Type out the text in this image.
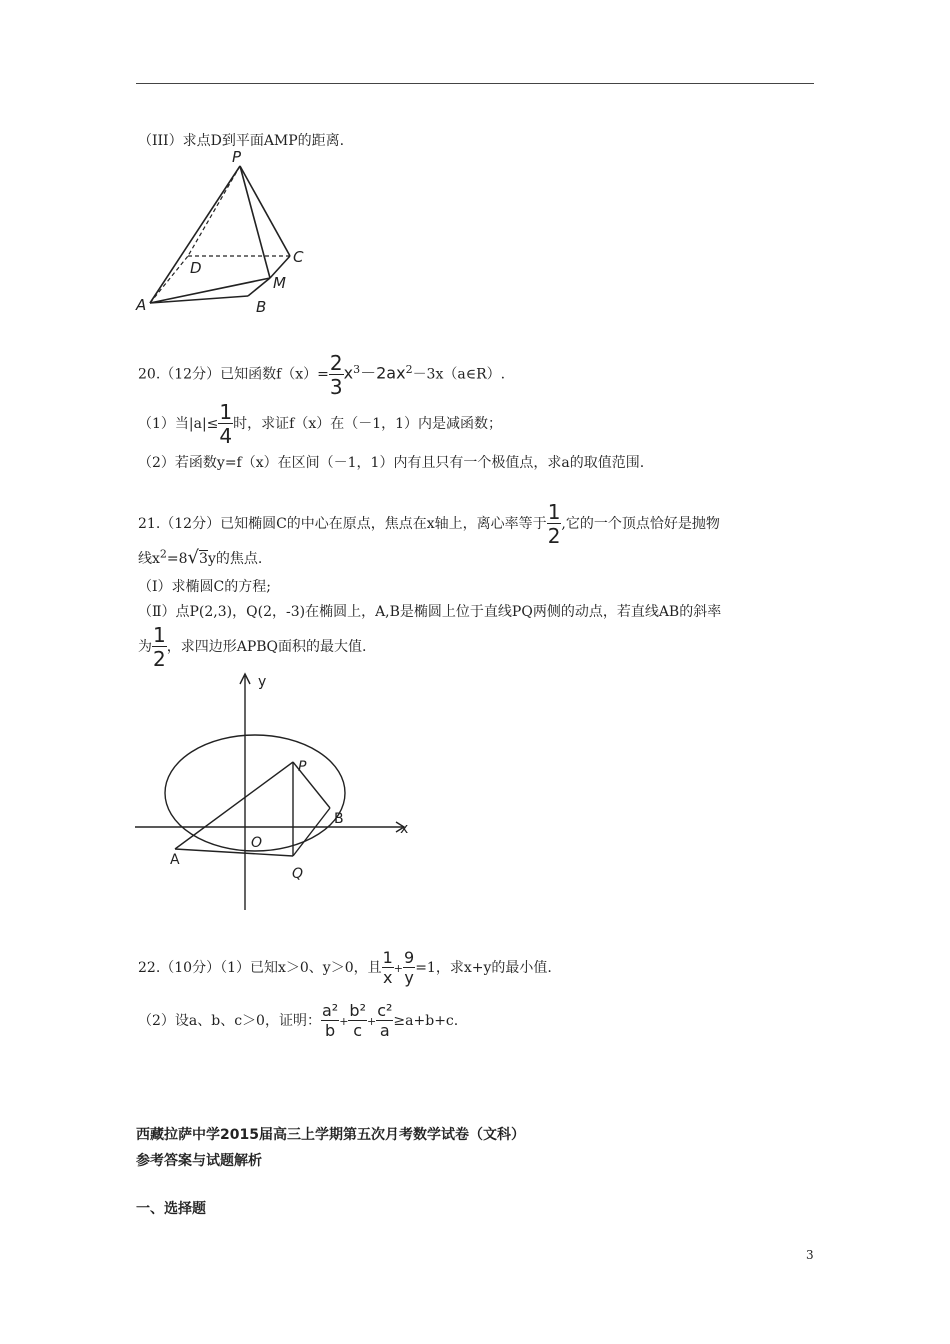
（III）求点D到平面AMP的距离.
P
D
C
M
A	B
20.（12分）已知函数$f(x)= \frac{2}{3}$ $x^3-2ax^2-3x(a\in R)$.
（1）当$|a|\le \frac{1}{4}$ 时，求证f（x）在（－1，1）内是减函数；
（2）若函数y=f（x）在区间（－1，1）内有且只有一个极值点，求a的取值范围.
21.（12分）已知椭圆C的中心在原点，焦点在x轴上，离心率等于 $\frac{1}{2}$ ,它的一个顶点恰好是抛物
线$x^2=8√3y$的焦点.
（Ⅰ）求椭圆C的方程;
（Ⅱ）点P(2,3)，Q(2，-3)在椭圆上，A,B是椭圆上位于直线PQ两侧的动点，若直线AB的斜率
为 $\frac{1}{2}$ ，求四边形APBQ面积的最大值.
y
x
P
B
O
A
Q
22.（10分）（1）已知x＞0、y＞0，且 $\frac{1}{x} + \frac{9}{y} =1$，求x+y的最小值.
（2）设a、b、c＞0，证明： $\frac{\text{a²}}{b} + \frac{\text{b²}}{c} + \frac{\text{c²}}{a} \ge a+b+c$.
西藏拉萨中学2015届高三上学期第五次月考数学试卷（文科）
参考答案与试题解析
一、选择题
3
